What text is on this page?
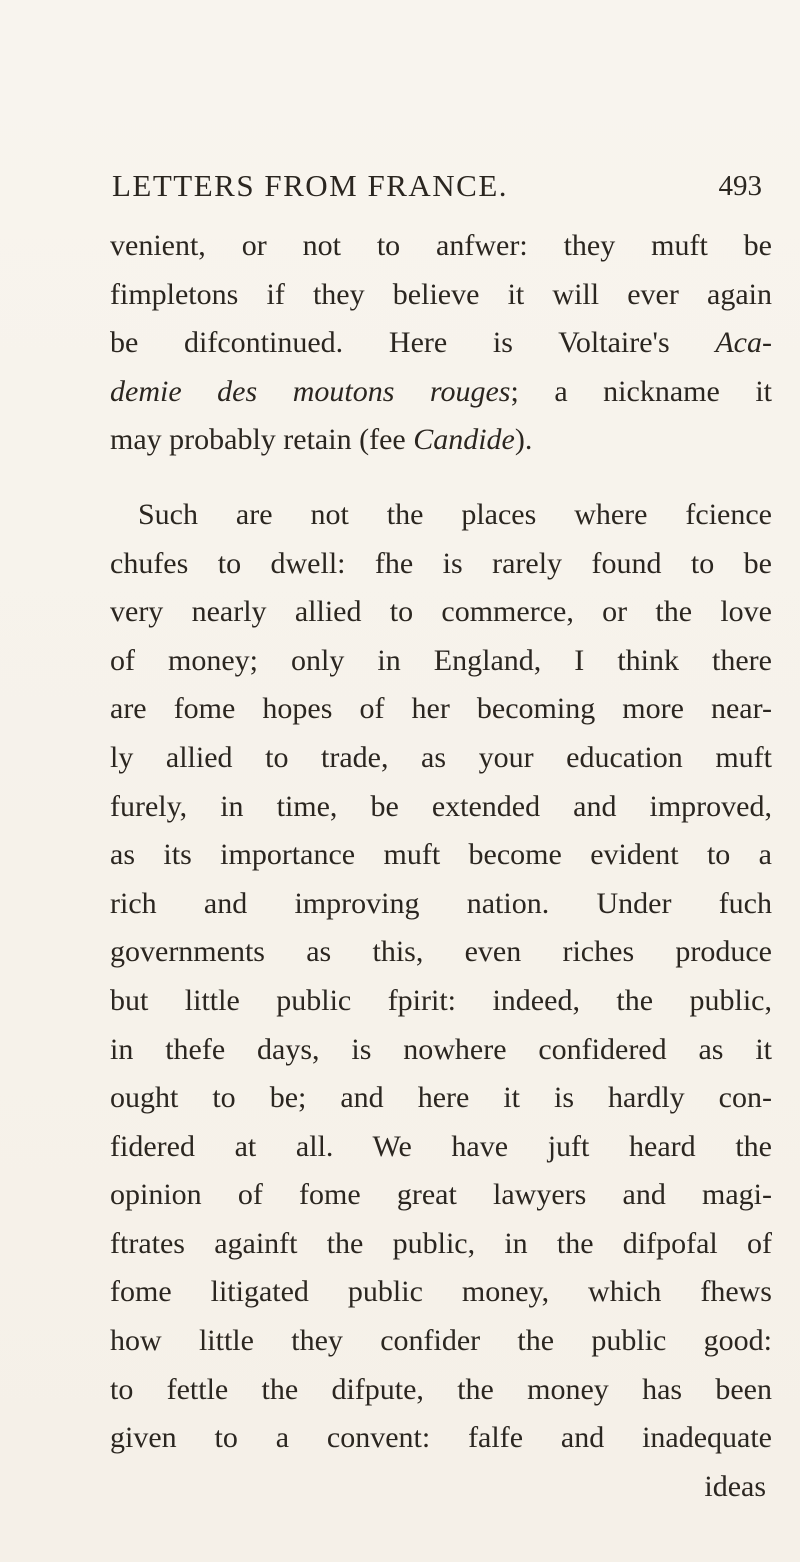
LETTERS FROM FRANCE.	493
venient, or not to anfwer: they muft be
fimpletons if they believe it will ever again
be difcontinued. Here is Voltaire's Aca-
demie des moutons rouges; a nickname it
may probably retain (fee Candide).
Such are not the places where fcience
chufes to dwell: fhe is rarely found to be
very nearly allied to commerce, or the love
of money; only in England, I think there
are fome hopes of her becoming more near-
ly allied to trade, as your education muft
furely, in time, be extended and improved,
as its importance muft become evident to a
rich and improving nation. Under fuch
governments as this, even riches produce
but little public fpirit: indeed, the public,
in thefe days, is nowhere confidered as it
ought to be; and here it is hardly con-
fidered at all. We have juft heard the
opinion of fome great lawyers and magi-
ftrates againft the public, in the difpofal of
fome litigated public money, which fhews
how little they confider the public good:
to fettle the difpute, the money has been
given to a convent: falfe and inadequate
ideas
